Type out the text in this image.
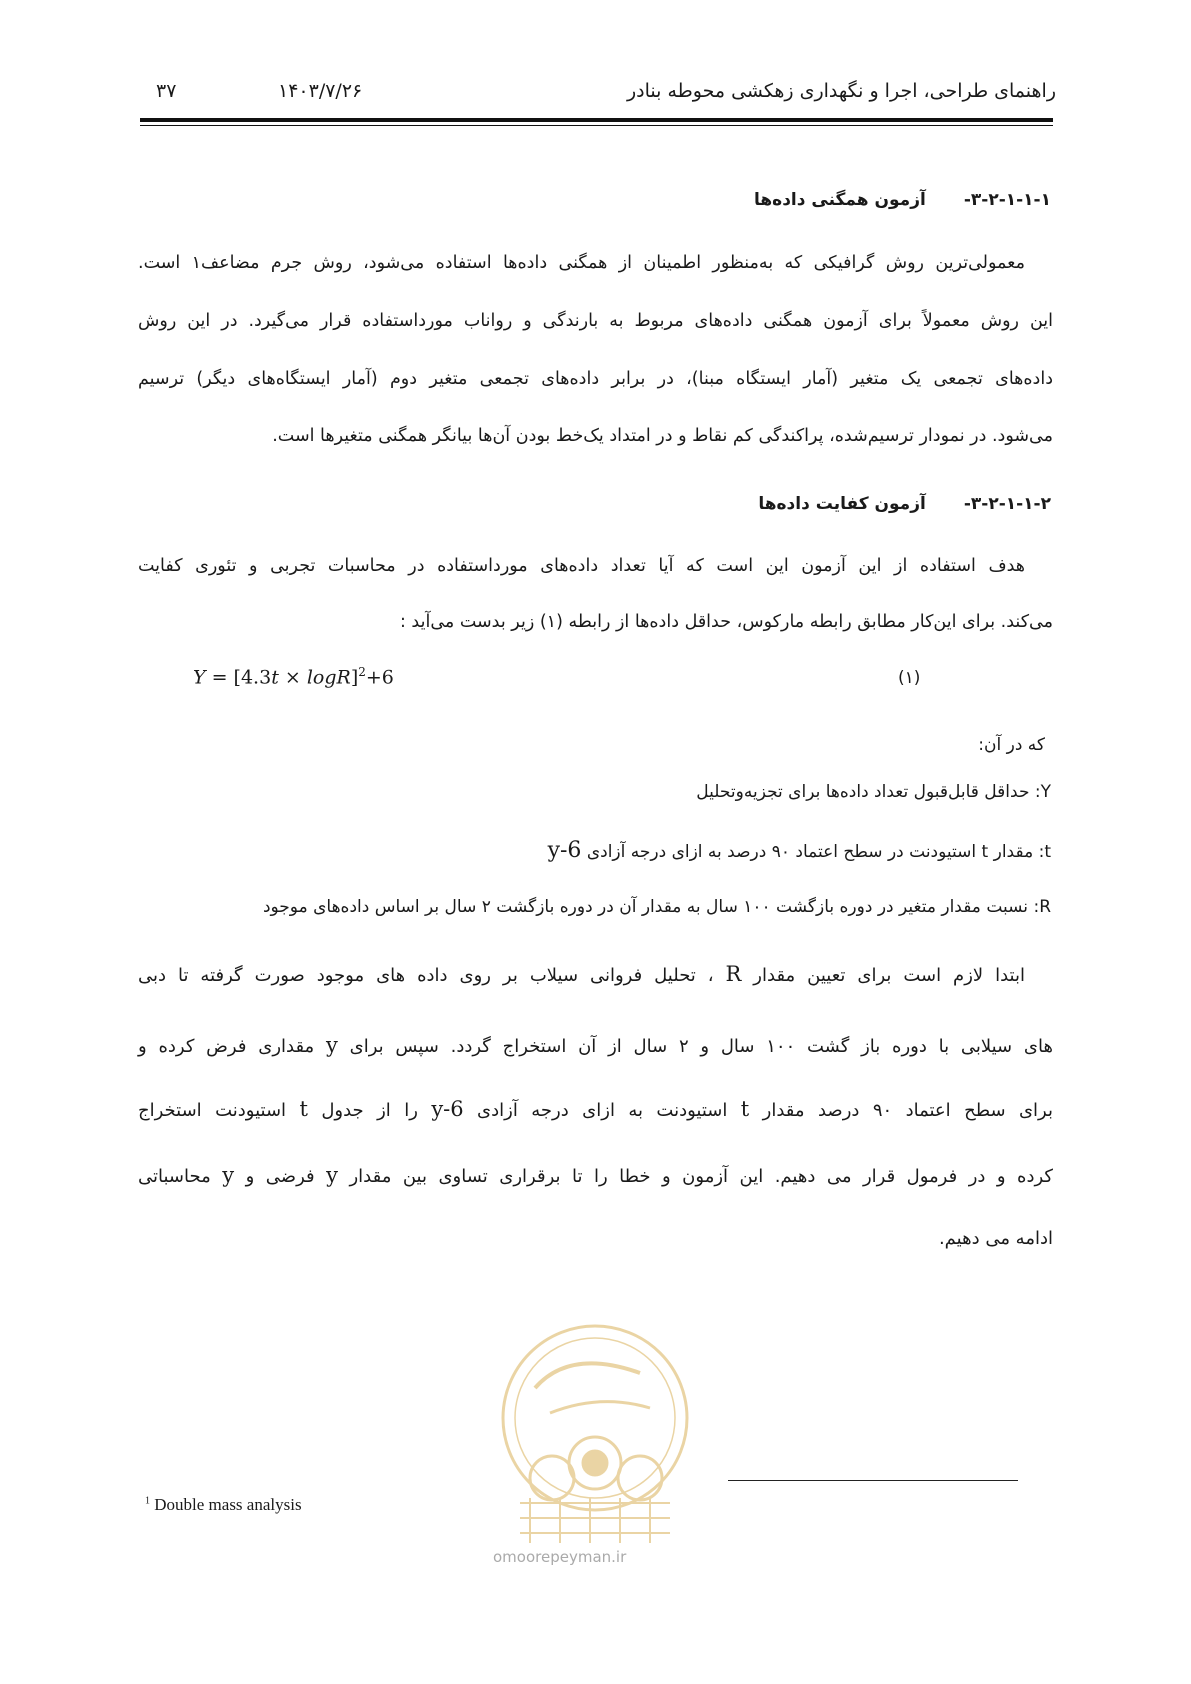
راهنمای طراحی، اجرا و نگهداری زهکشی محوطه بنادر
۱۴۰۳/۷/۲۶
۳۷
۳-۲-۱-۱-۱-آزمون همگنی داده‌ها
معمولی‌ترین روش گرافیکی که به‌منظور اطمینان از همگنی داده‌ها استفاده می‌شود، روش جرم مضاعف۱ است.
این روش معمولاً برای آزمون همگنی داده‌های مربوط به بارندگی و رواناب مورداستفاده قرار می‌گیرد. در این روش
داده‌های تجمعی یک متغیر (آمار ایستگاه مبنا)، در برابر داده‌های تجمعی متغیر دوم (آمار ایستگاه‌های دیگر) ترسیم
می‌شود. در نمودار ترسیم‌شده، پراکندگی کم نقاط و در امتداد یک‌خط بودن آن‌ها بیانگر همگنی متغیرها است.
۳-۲-۱-۱-۲-آزمون کفایت داده‌ها
هدف استفاده از این آزمون این است که آیا تعداد داده‌های مورداستفاده در محاسبات تجربی و تئوری کفایت
می‌کند. برای این‌کار مطابق رابطه مارکوس، حداقل داده‌ها از رابطه (۱) زیر بدست می‌آید :
$Y = [4.3t \times \log R]^2+6$	(۱)
که در آن:
Y: حداقل قابل‌قبول تعداد داده‌ها برای تجزیه‌وتحلیل
t: مقدار t استیودنت در سطح اعتماد ۹۰ درصد به ازای درجه آزادی y-6
R: نسبت مقدار متغیر در دوره بازگشت ۱۰۰ سال به مقدار آن در دوره بازگشت ۲ سال بر اساس داده‌های موجود
ابتدا لازم است برای تعیین مقدار R ، تحلیل فروانی سیلاب بر روی داده های موجود صورت گرفته تا دبی
های سیلابی با دوره باز گشت ۱۰۰ سال و ۲ سال از آن استخراج گردد. سپس برای y مقداری فرض کرده و
برای سطح اعتماد ۹۰ درصد مقدار t استیودنت به ازای درجه آزادی y-6 را از جدول t استیودنت استخراج
کرده و در فرمول قرار می دهیم. این آزمون و خطا را تا برقراری تساوی بین مقدار y فرضی و y محاسباتی
ادامه می دهیم.
omoorepeyman.ir
$^1$ Double mass analysis
